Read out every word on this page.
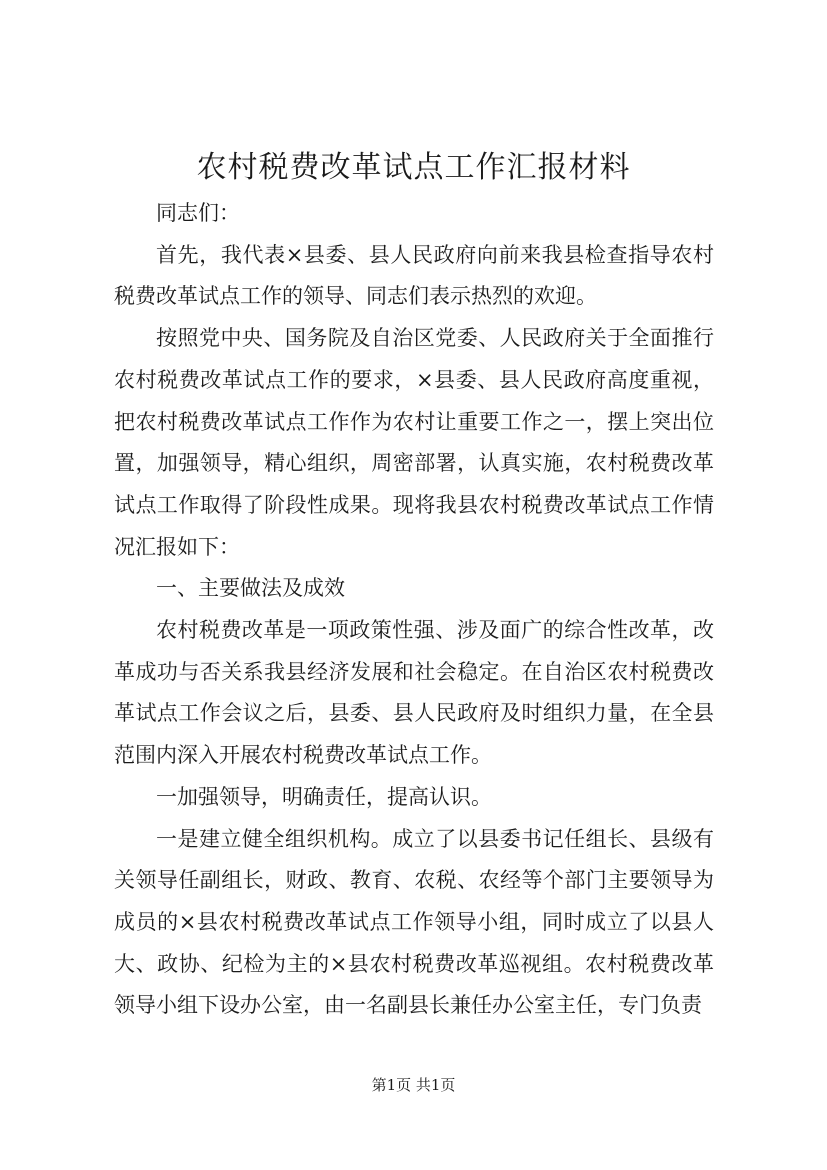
农村税费改革试点工作汇报材料

同志们：

首先，我代表×县委、县人民政府向前来我县检查指导农村税费改革试点工作的领导、同志们表示热烈的欢迎。

按照党中央、国务院及自治区党委、人民政府关于全面推行农村税费改革试点工作的要求，×县委、县人民政府高度重视，把农村税费改革试点工作作为农村让重要工作之一，摆上突出位置，加强领导，精心组织，周密部署，认真实施，农村税费改革试点工作取得了阶段性成果。现将我县农村税费改革试点工作情况汇报如下：

一、主要做法及成效

农村税费改革是一项政策性强、涉及面广的综合性改革，改革成功与否关系我县经济发展和社会稳定。在自治区农村税费改革试点工作会议之后，县委、县人民政府及时组织力量，在全县范围内深入开展农村税费改革试点工作。

一加强领导，明确责任，提高认识。

一是建立健全组织机构。成立了以县委书记任组长、县级有关领导任副组长，财政、教育、农税、农经等个部门主要领导为成员的×县农村税费改革试点工作领导小组，同时成立了以县人大、政协、纪检为主的×县农村税费改革巡视组。农村税费改革领导小组下设办公室，由一名副县长兼任办公室主任，专门负责

第1页 共1页
